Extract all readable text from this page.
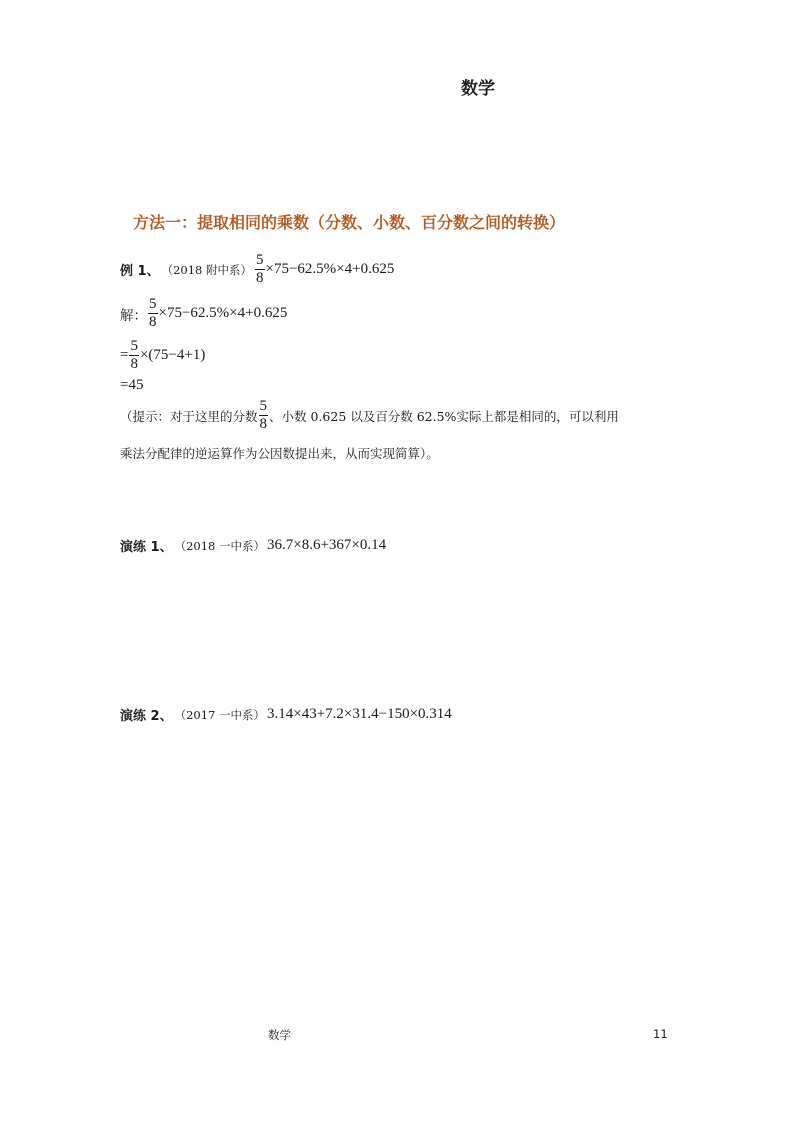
数学
方法一：提取相同的乘数（分数、小数、百分数之间的转换）
例 1、 （2018 附中系） $\frac{5}{8} \times 75-62.5\%\times 4+0.625$
解： $\frac{5}{8} \times 75-62.5\%\times 4+0.625$
= $\frac{5}{8} \times(75-4+1)$
=45
（提示：对于这里的分数 $\frac{5}{8}$ 、小数 0.625 以及百分数 62.5%实际上都是相同的，可以利用
乘法分配律的逆运算作为公因数提出来，从而实现简算）。
演练 1、 （2018 一中系） 36.7×8.6+367×0.14
演练 2、 （2017 一中系） 3.14×43+7.2×31.4−150×0.314
数学	11
